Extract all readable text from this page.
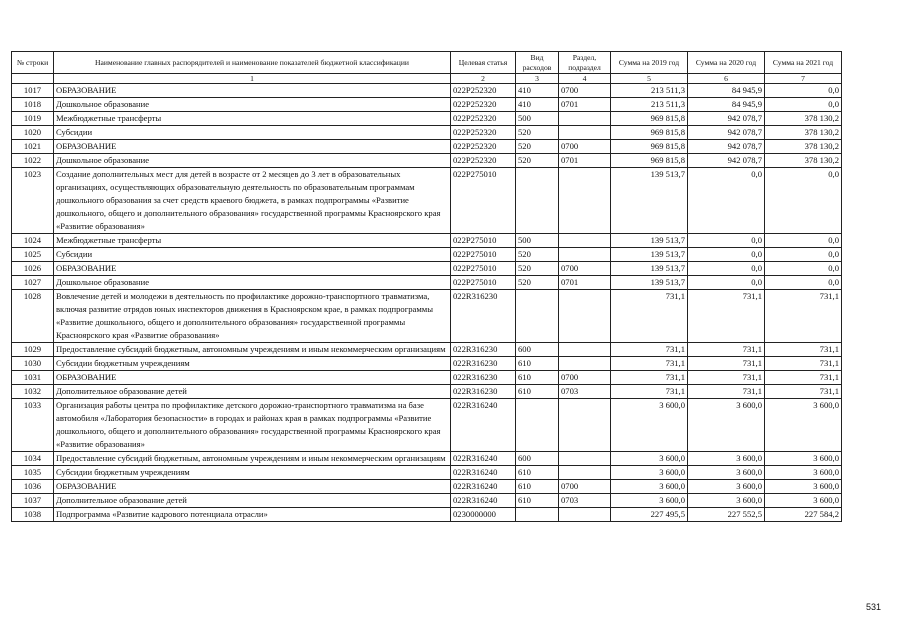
№ строки	Наименование главных распорядителей и наименование показателей бюджетной классификации	Целевая статья	Вид расходов	Раздел, подраздел	Сумма на 2019 год	Сумма на 2020 год	Сумма на 2021 год
	1	2	3	4	5	6	7
1017	ОБРАЗОВАНИЕ	022P252320	410	0700	213 511,3	84 945,9	0,0
1018	Дошкольное образование	022P252320	410	0701	213 511,3	84 945,9	0,0
1019	Межбюджетные трансферты	022P252320	500		969 815,8	942 078,7	378 130,2
1020	Субсидии	022P252320	520		969 815,8	942 078,7	378 130,2
1021	ОБРАЗОВАНИЕ	022P252320	520	0700	969 815,8	942 078,7	378 130,2
1022	Дошкольное образование	022P252320	520	0701	969 815,8	942 078,7	378 130,2
1023	Создание дополнительных мест для детей в возрасте от 2 месяцев до 3 лет в образовательных организациях, осуществляющих образовательную деятельность по образовательным программам дошкольного образования за счет средств краевого бюджета, в рамках подпрограммы «Развитие дошкольного, общего и дополнительного образования» государственной программы Красноярского края «Развитие образования»	022P275010			139 513,7	0,0	0,0
1024	Межбюджетные трансферты	022P275010	500		139 513,7	0,0	0,0
1025	Субсидии	022P275010	520		139 513,7	0,0	0,0
1026	ОБРАЗОВАНИЕ	022P275010	520	0700	139 513,7	0,0	0,0
1027	Дошкольное образование	022P275010	520	0701	139 513,7	0,0	0,0
1028	Вовлечение детей и молодежи в деятельность по профилактике дорожно-транспортного травматизма, включая развитие отрядов юных инспекторов движения в Красноярском крае, в рамках подпрограммы «Развитие дошкольного, общего и дополнительного образования» государственной программы Красноярского края «Развитие образования»	022R316230			731,1	731,1	731,1
1029	Предоставление субсидий бюджетным, автономным учреждениям и иным некоммерческим организациям	022R316230	600		731,1	731,1	731,1
1030	Субсидии бюджетным учреждениям	022R316230	610		731,1	731,1	731,1
1031	ОБРАЗОВАНИЕ	022R316230	610	0700	731,1	731,1	731,1
1032	Дополнительное образование детей	022R316230	610	0703	731,1	731,1	731,1
1033	Организация работы центра по профилактике детского дорожно-транспортного травматизма на базе автомобиля «Лаборатория безопасности» в городах и районах края в рамках подпрограммы «Развитие дошкольного, общего и дополнительного образования» государственной программы Красноярского края «Развитие образования»	022R316240			3 600,0	3 600,0	3 600,0
1034	Предоставление субсидий бюджетным, автономным учреждениям и иным некоммерческим организациям	022R316240	600		3 600,0	3 600,0	3 600,0
1035	Субсидии бюджетным учреждениям	022R316240	610		3 600,0	3 600,0	3 600,0
1036	ОБРАЗОВАНИЕ	022R316240	610	0700	3 600,0	3 600,0	3 600,0
1037	Дополнительное образование детей	022R316240	610	0703	3 600,0	3 600,0	3 600,0
1038	Подпрограмма «Развитие кадрового потенциала отрасли»	0230000000			227 495,5	227 552,5	227 584,2
531
